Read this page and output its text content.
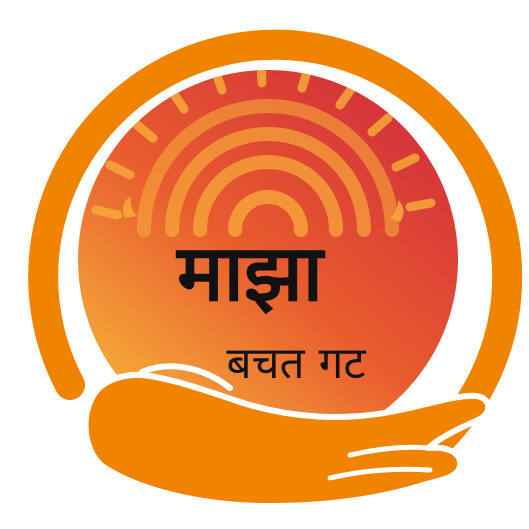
माझा
बचत गट
